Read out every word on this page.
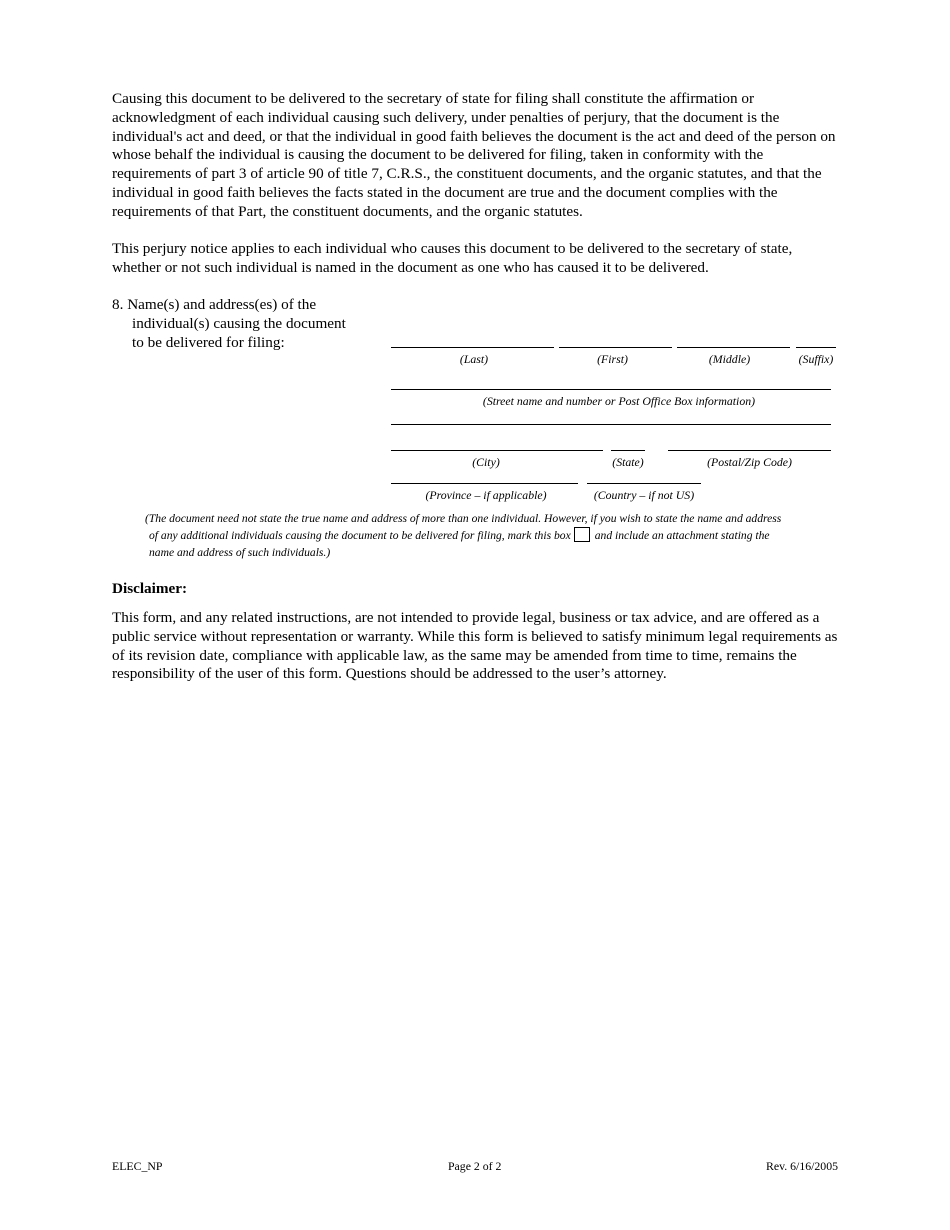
Causing this document to be delivered to the secretary of state for filing shall constitute the affirmation or acknowledgment of each individual causing such delivery, under penalties of perjury, that the document is the individual's act and deed, or that the individual in good faith believes the document is the act and deed of the person on whose behalf the individual is causing the document to be delivered for filing, taken in conformity with the requirements of part 3 of article 90 of title 7, C.R.S., the constituent documents, and the organic statutes, and that the individual in good faith believes the facts stated in the document are true and the document complies with the requirements of that Part, the constituent documents, and the organic statutes.

This perjury notice applies to each individual who causes this document to be delivered to the secretary of state, whether or not such individual is named in the document as one who has caused it to be delivered.

8. Name(s) and address(es) of the
individual(s) causing the document
to be delivered for filing:
(Last)	(First)	(Middle)	(Suffix)
(Street name and number or Post Office Box information)
(City)	(State)	(Postal/Zip Code)
(Province – if applicable)	(Country – if not US)
(The document need not state the true name and address of more than one individual. However, if you wish to state the name and address
of any additional individuals causing the document to be delivered for filing, mark this box and include an attachment stating the
name and address of such individuals.)
Disclaimer:

This form, and any related instructions, are not intended to provide legal, business or tax advice, and are offered as a public service without representation or warranty. While this form is believed to satisfy minimum legal requirements as of its revision date, compliance with applicable law, as the same may be amended from time to time, remains the responsibility of the user of this form. Questions should be addressed to the user’s attorney.

ELEC_NP	Page 2 of 2	Rev. 6/16/2005
